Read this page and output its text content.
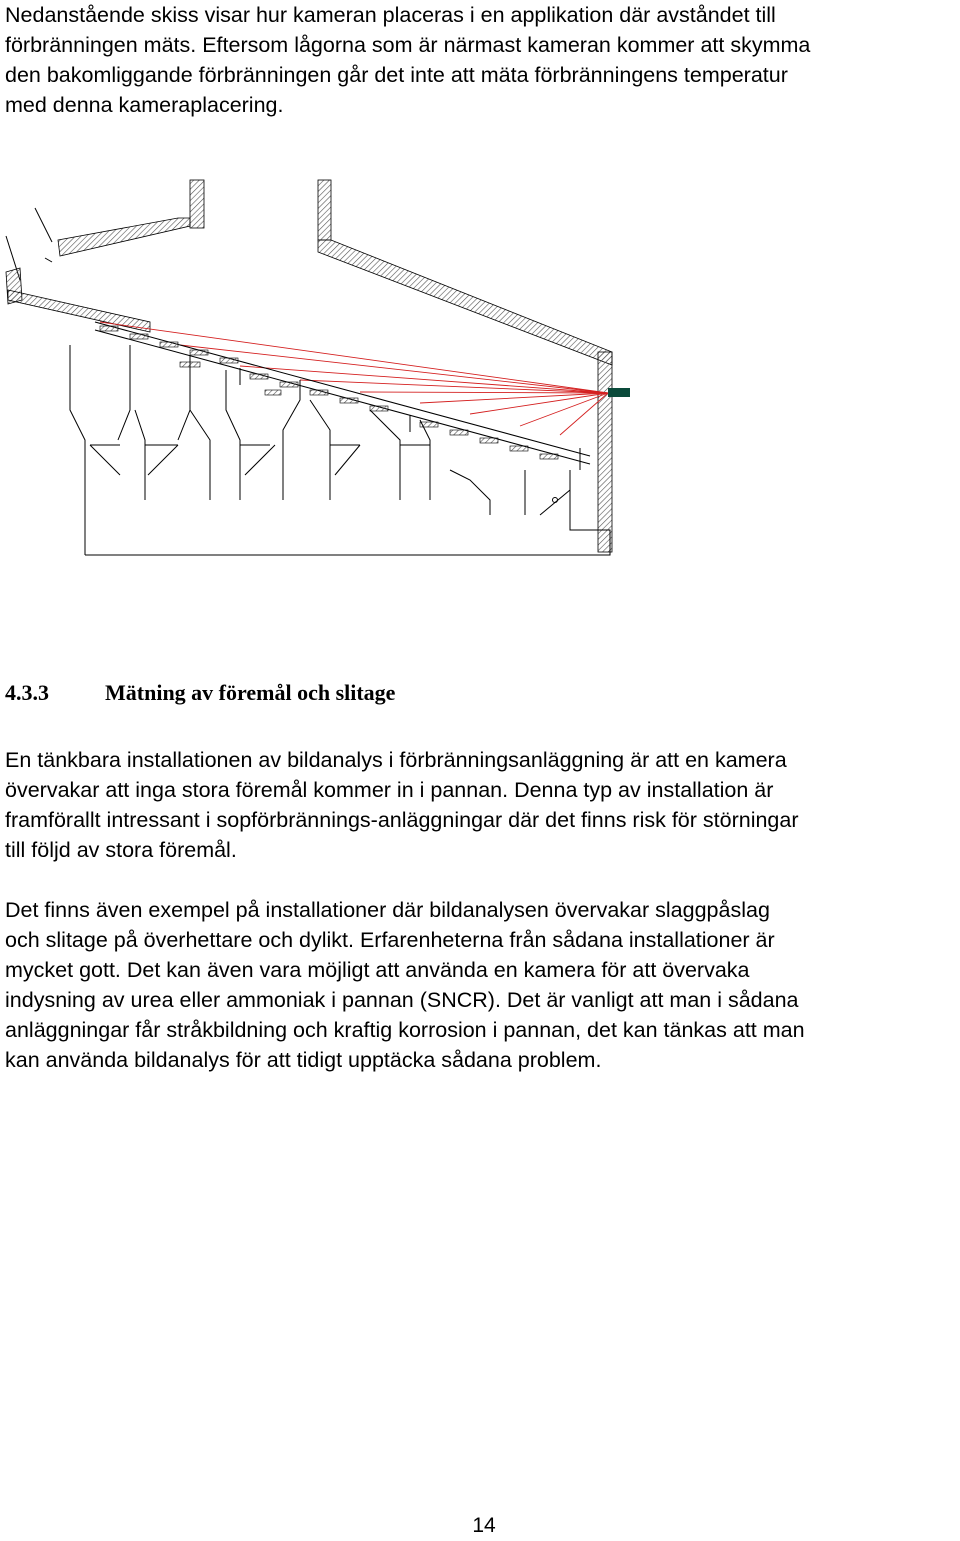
Nedanstående skiss visar hur kameran placeras i en applikation där avståndet till
förbränningen mäts. Eftersom lågorna som är närmast kameran kommer att skymma
den bakomliggande förbränningen går det inte att mäta förbränningens temperatur
med denna kameraplacering.

4.3.3	Mätning av föremål och slitage

En tänkbara installationen av bildanalys i förbränningsanläggning är att en kamera
övervakar att inga stora föremål kommer in i pannan. Denna typ av installation är
framförallt intressant i sopförbrännings-anläggningar där det finns risk för störningar
till följd av stora föremål.
Det finns även exempel på installationer där bildanalysen övervakar slaggpåslag
och slitage på överhettare och dylikt. Erfarenheterna från sådana installationer är
mycket gott. Det kan även vara möjligt att använda en kamera för att övervaka
indysning av urea eller ammoniak i pannan (SNCR). Det är vanligt att man i sådana
anläggningar får stråkbildning och kraftig korrosion i pannan, det kan tänkas att man
kan använda bildanalys för att tidigt upptäcka sådana problem.
14
